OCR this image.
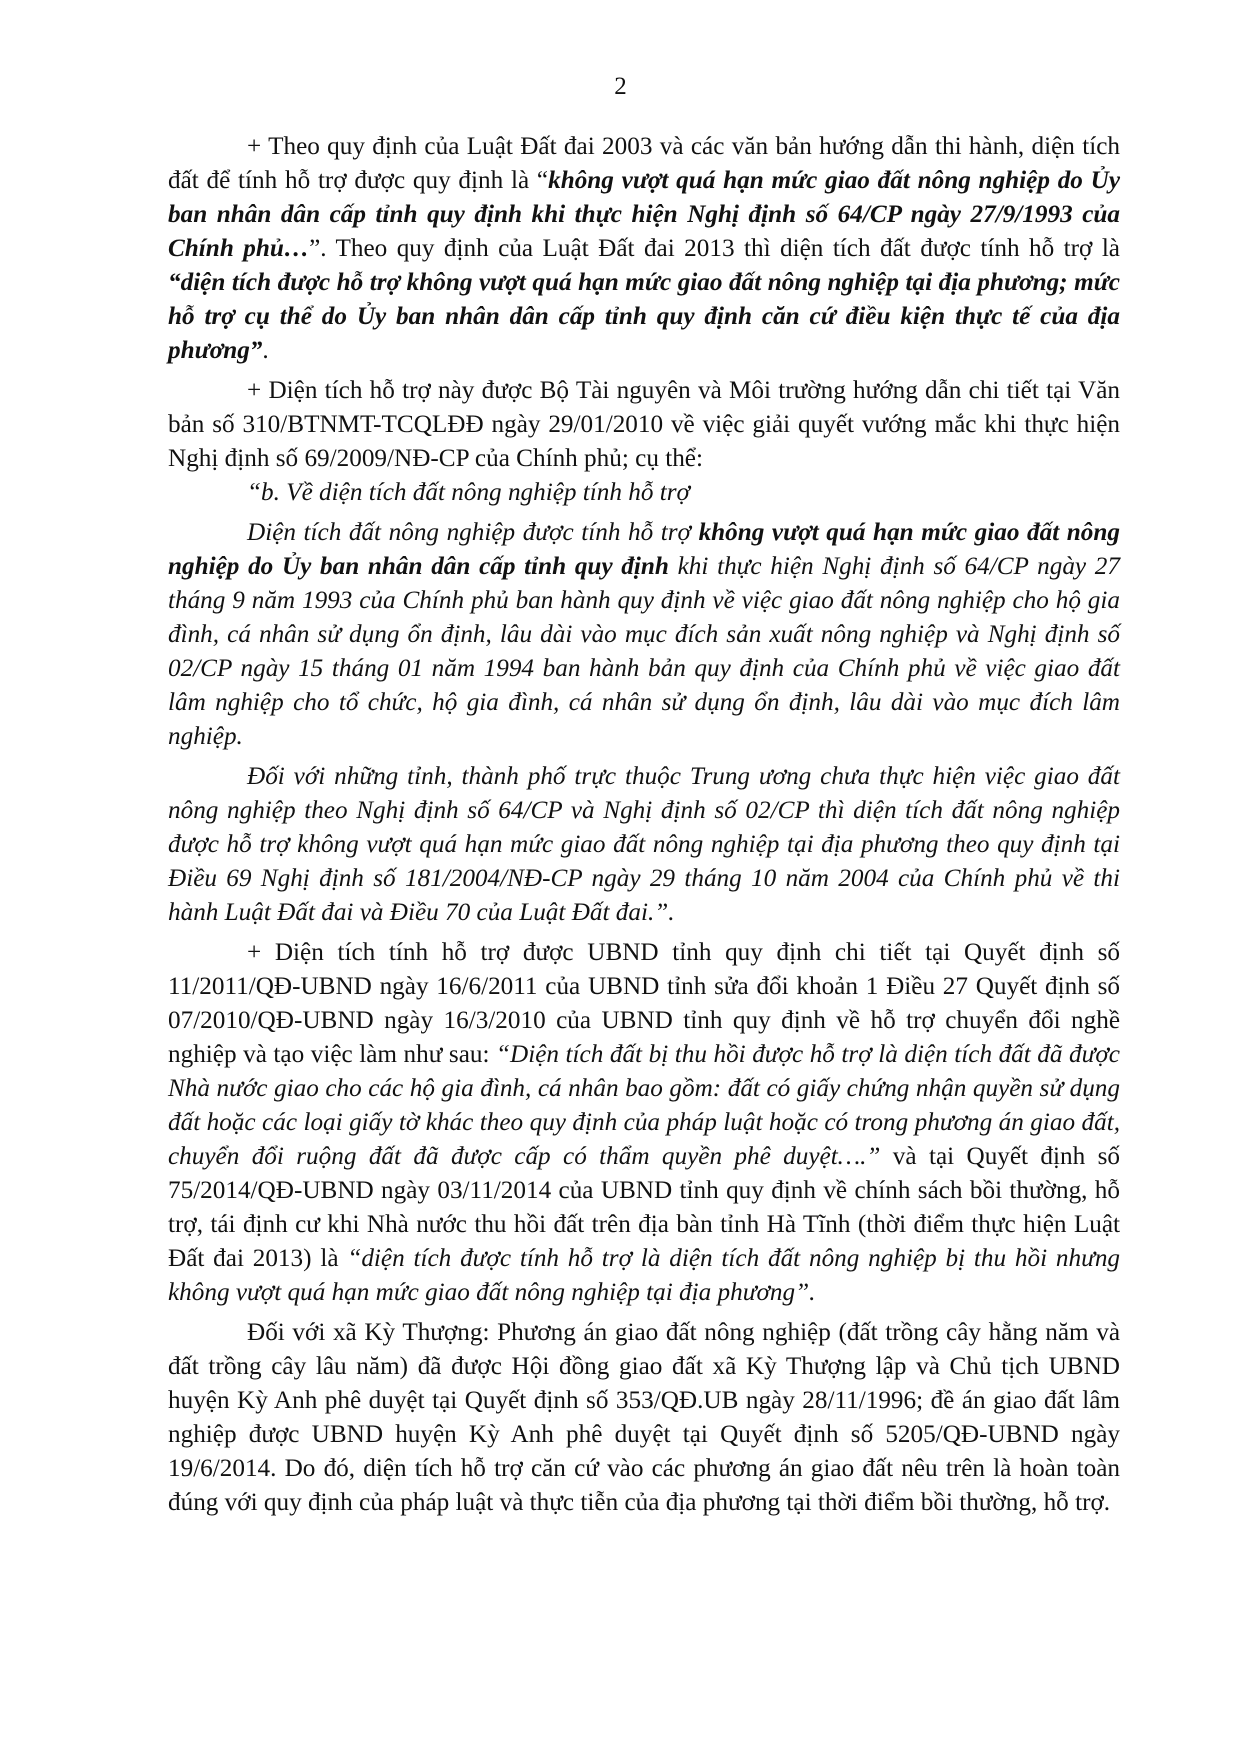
2

+ Theo quy định của Luật Đất đai 2003 và các văn bản hướng dẫn thi hành, diện tích đất để tính hỗ trợ được quy định là “không vượt quá hạn mức giao đất nông nghiệp do Ủy ban nhân dân cấp tỉnh quy định khi thực hiện Nghị định số 64/CP ngày 27/9/1993 của Chính phủ…”. Theo quy định của Luật Đất đai 2013 thì diện tích đất được tính hỗ trợ là “diện tích được hỗ trợ không vượt quá hạn mức giao đất nông nghiệp tại địa phương; mức hỗ trợ cụ thể do Ủy ban nhân dân cấp tỉnh quy định căn cứ điều kiện thực tế của địa phương”.

+ Diện tích hỗ trợ này được Bộ Tài nguyên và Môi trường hướng dẫn chi tiết tại Văn bản số 310/BTNMT-TCQLĐĐ ngày 29/01/2010 về việc giải quyết vướng mắc khi thực hiện Nghị định số 69/2009/NĐ-CP của Chính phủ; cụ thể:

“b. Về diện tích đất nông nghiệp tính hỗ trợ

Diện tích đất nông nghiệp được tính hỗ trợ không vượt quá hạn mức giao đất nông nghiệp do Ủy ban nhân dân cấp tỉnh quy định khi thực hiện Nghị định số 64/CP ngày 27 tháng 9 năm 1993 của Chính phủ ban hành quy định về việc giao đất nông nghiệp cho hộ gia đình, cá nhân sử dụng ổn định, lâu dài vào mục đích sản xuất nông nghiệp và Nghị định số 02/CP ngày 15 tháng 01 năm 1994 ban hành bản quy định của Chính phủ về việc giao đất lâm nghiệp cho tổ chức, hộ gia đình, cá nhân sử dụng ổn định, lâu dài vào mục đích lâm nghiệp.

Đối với những tỉnh, thành phố trực thuộc Trung ương chưa thực hiện việc giao đất nông nghiệp theo Nghị định số 64/CP và Nghị định số 02/CP thì diện tích đất nông nghiệp được hỗ trợ không vượt quá hạn mức giao đất nông nghiệp tại địa phương theo quy định tại Điều 69 Nghị định số 181/2004/NĐ-CP ngày 29 tháng 10 năm 2004 của Chính phủ về thi hành Luật Đất đai và Điều 70 của Luật Đất đai.”.

+ Diện tích tính hỗ trợ được UBND tỉnh quy định chi tiết tại Quyết định số 11/2011/QĐ-UBND ngày 16/6/2011 của UBND tỉnh sửa đổi khoản 1 Điều 27 Quyết định số 07/2010/QĐ-UBND ngày 16/3/2010 của UBND tỉnh quy định về hỗ trợ chuyển đổi nghề nghiệp và tạo việc làm như sau: “Diện tích đất bị thu hồi được hỗ trợ là diện tích đất đã được Nhà nước giao cho các hộ gia đình, cá nhân bao gồm: đất có giấy chứng nhận quyền sử dụng đất hoặc các loại giấy tờ khác theo quy định của pháp luật hoặc có trong phương án giao đất, chuyển đổi ruộng đất đã được cấp có thẩm quyền phê duyệt….” và tại Quyết định số 75/2014/QĐ-UBND ngày 03/11/2014 của UBND tỉnh quy định về chính sách bồi thường, hỗ trợ, tái định cư khi Nhà nước thu hồi đất trên địa bàn tỉnh Hà Tĩnh (thời điểm thực hiện Luật Đất đai 2013) là “diện tích được tính hỗ trợ là diện tích đất nông nghiệp bị thu hồi nhưng không vượt quá hạn mức giao đất nông nghiệp tại địa phương”.

Đối với xã Kỳ Thượng: Phương án giao đất nông nghiệp (đất trồng cây hằng năm và đất trồng cây lâu năm) đã được Hội đồng giao đất xã Kỳ Thượng lập và Chủ tịch UBND huyện Kỳ Anh phê duyệt tại Quyết định số 353/QĐ.UB ngày 28/11/1996; đề án giao đất lâm nghiệp được UBND huyện Kỳ Anh phê duyệt tại Quyết định số 5205/QĐ-UBND ngày 19/6/2014. Do đó, diện tích hỗ trợ căn cứ vào các phương án giao đất nêu trên là hoàn toàn đúng với quy định của pháp luật và thực tiễn của địa phương tại thời điểm bồi thường, hỗ trợ.
